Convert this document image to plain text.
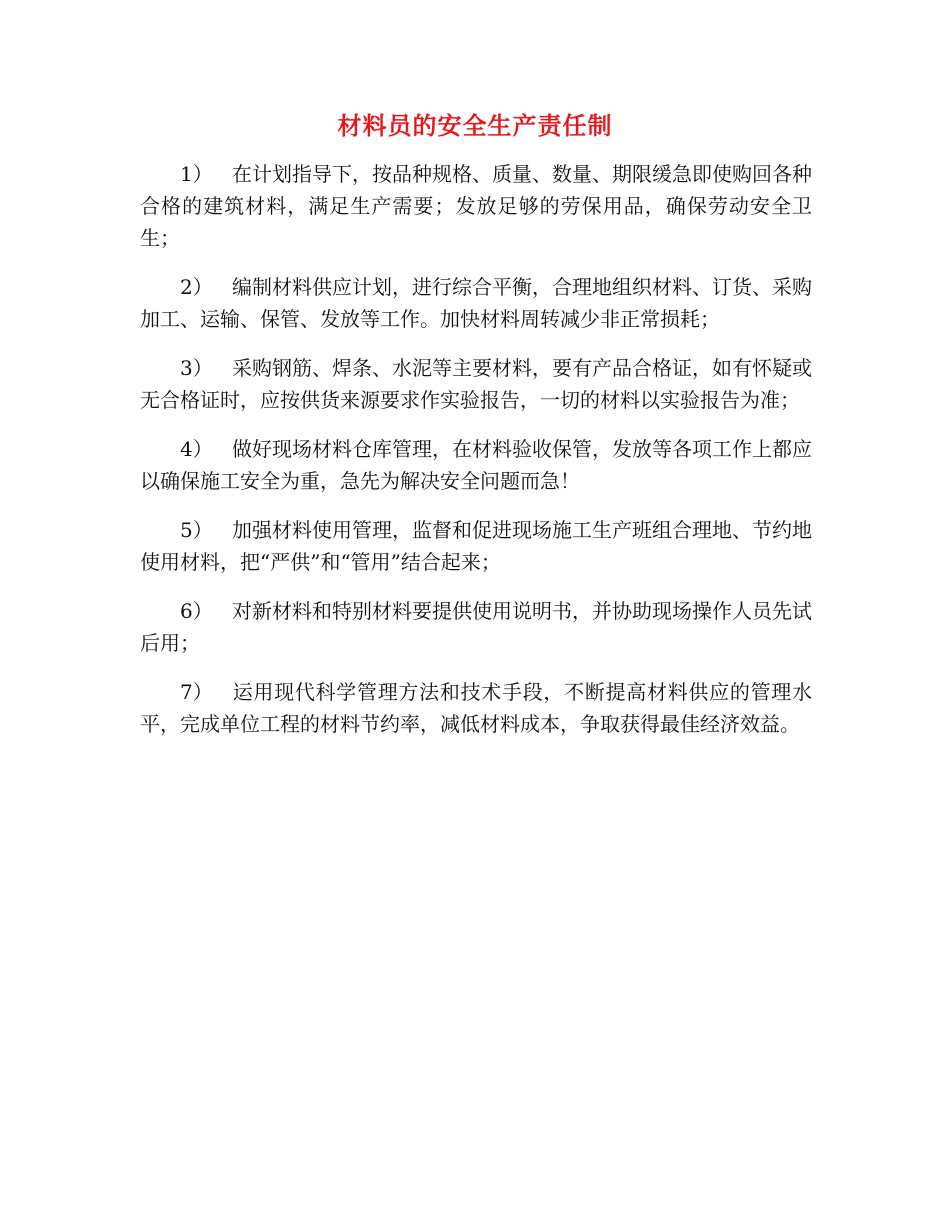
材料员的安全生产责任制

1） 在计划指导下，按品种规格、质量、数量、期限缓急即使购回各种合格的建筑材料，满足生产需要；发放足够的劳保用品，确保劳动安全卫生；

2） 编制材料供应计划，进行综合平衡，合理地组织材料、订货、采购加工、运输、保管、发放等工作。加快材料周转减少非正常损耗；

3） 采购钢筋、焊条、水泥等主要材料，要有产品合格证，如有怀疑或无合格证时，应按供货来源要求作实验报告，一切的材料以实验报告为准；

4） 做好现场材料仓库管理，在材料验收保管，发放等各项工作上都应以确保施工安全为重，急先为解决安全问题而急！

5） 加强材料使用管理，监督和促进现场施工生产班组合理地、节约地使用材料，把“严供”和“管用”结合起来；

6） 对新材料和特别材料要提供使用说明书，并协助现场操作人员先试后用；

7） 运用现代科学管理方法和技术手段，不断提高材料供应的管理水平，完成单位工程的材料节约率，减低材料成本，争取获得最佳经济效益。
